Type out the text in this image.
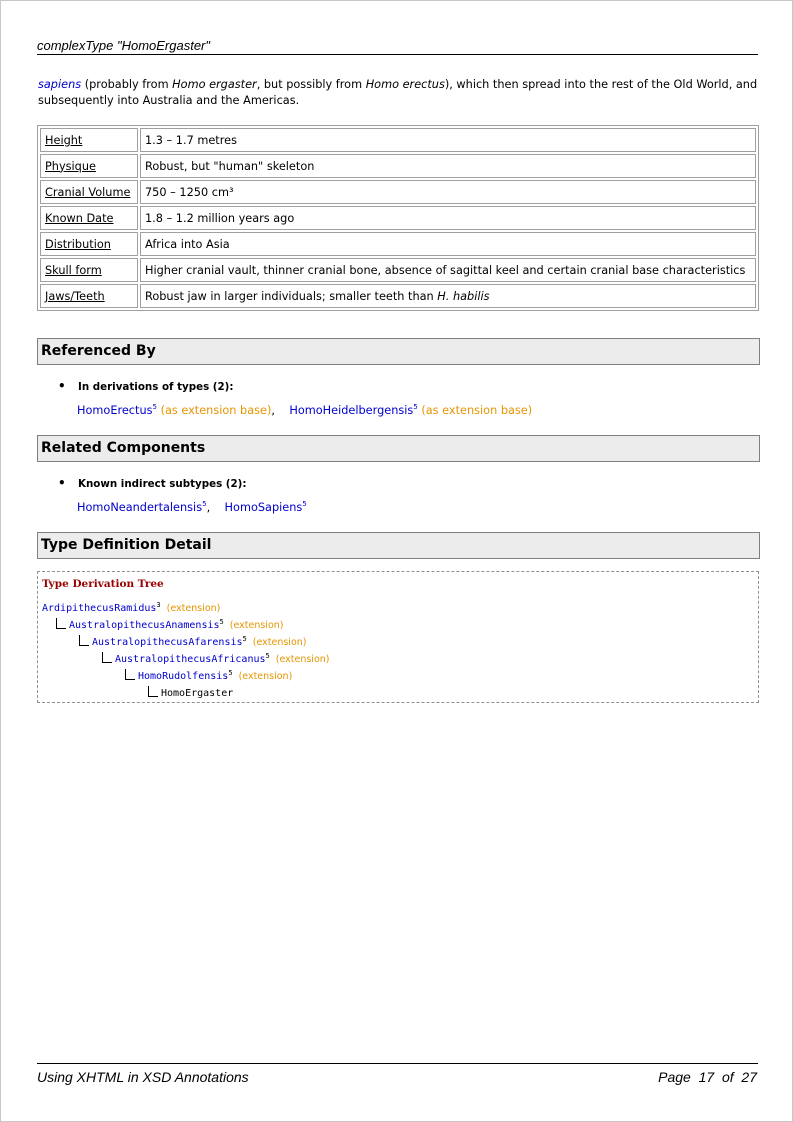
complexType "HomoErgaster"
sapiens (probably from Homo ergaster, but possibly from Homo erectus), which then spread into the rest of the Old World, and subsequently into Australia and the Americas.
Height	1.3 – 1.7 metres
Physique	Robust, but "human" skeleton
Cranial Volume	750 – 1250 cm³
Known Date	1.8 – 1.2 million years ago
Distribution	Africa into Asia
Skull form	Higher cranial vault, thinner cranial bone, absence of sagittal keel and certain cranial base characteristics
Jaws/Teeth	Robust jaw in larger individuals; smaller teeth than H. habilis
Referenced By
• In derivations of types (2):
HomoErectus$^5$ (as extension base), HomoHeidelbergensis$^5$ (as extension base)
Related Components
• Known indirect subtypes (2):
HomoNeandertalensis$^5$, HomoSapiens$^5$
Type Definition Detail
Type Derivation Tree
ArdipithecusRamidus$^3$ (extension)
AustralopithecusAnamensis$^5$ (extension)
AustralopithecusAfarensis$^5$ (extension)
AustralopithecusAfricanus$^5$ (extension)
HomoRudolfensis$^5$ (extension)
HomoErgaster
Using XHTML in XSD Annotations	Page 17 of 27
